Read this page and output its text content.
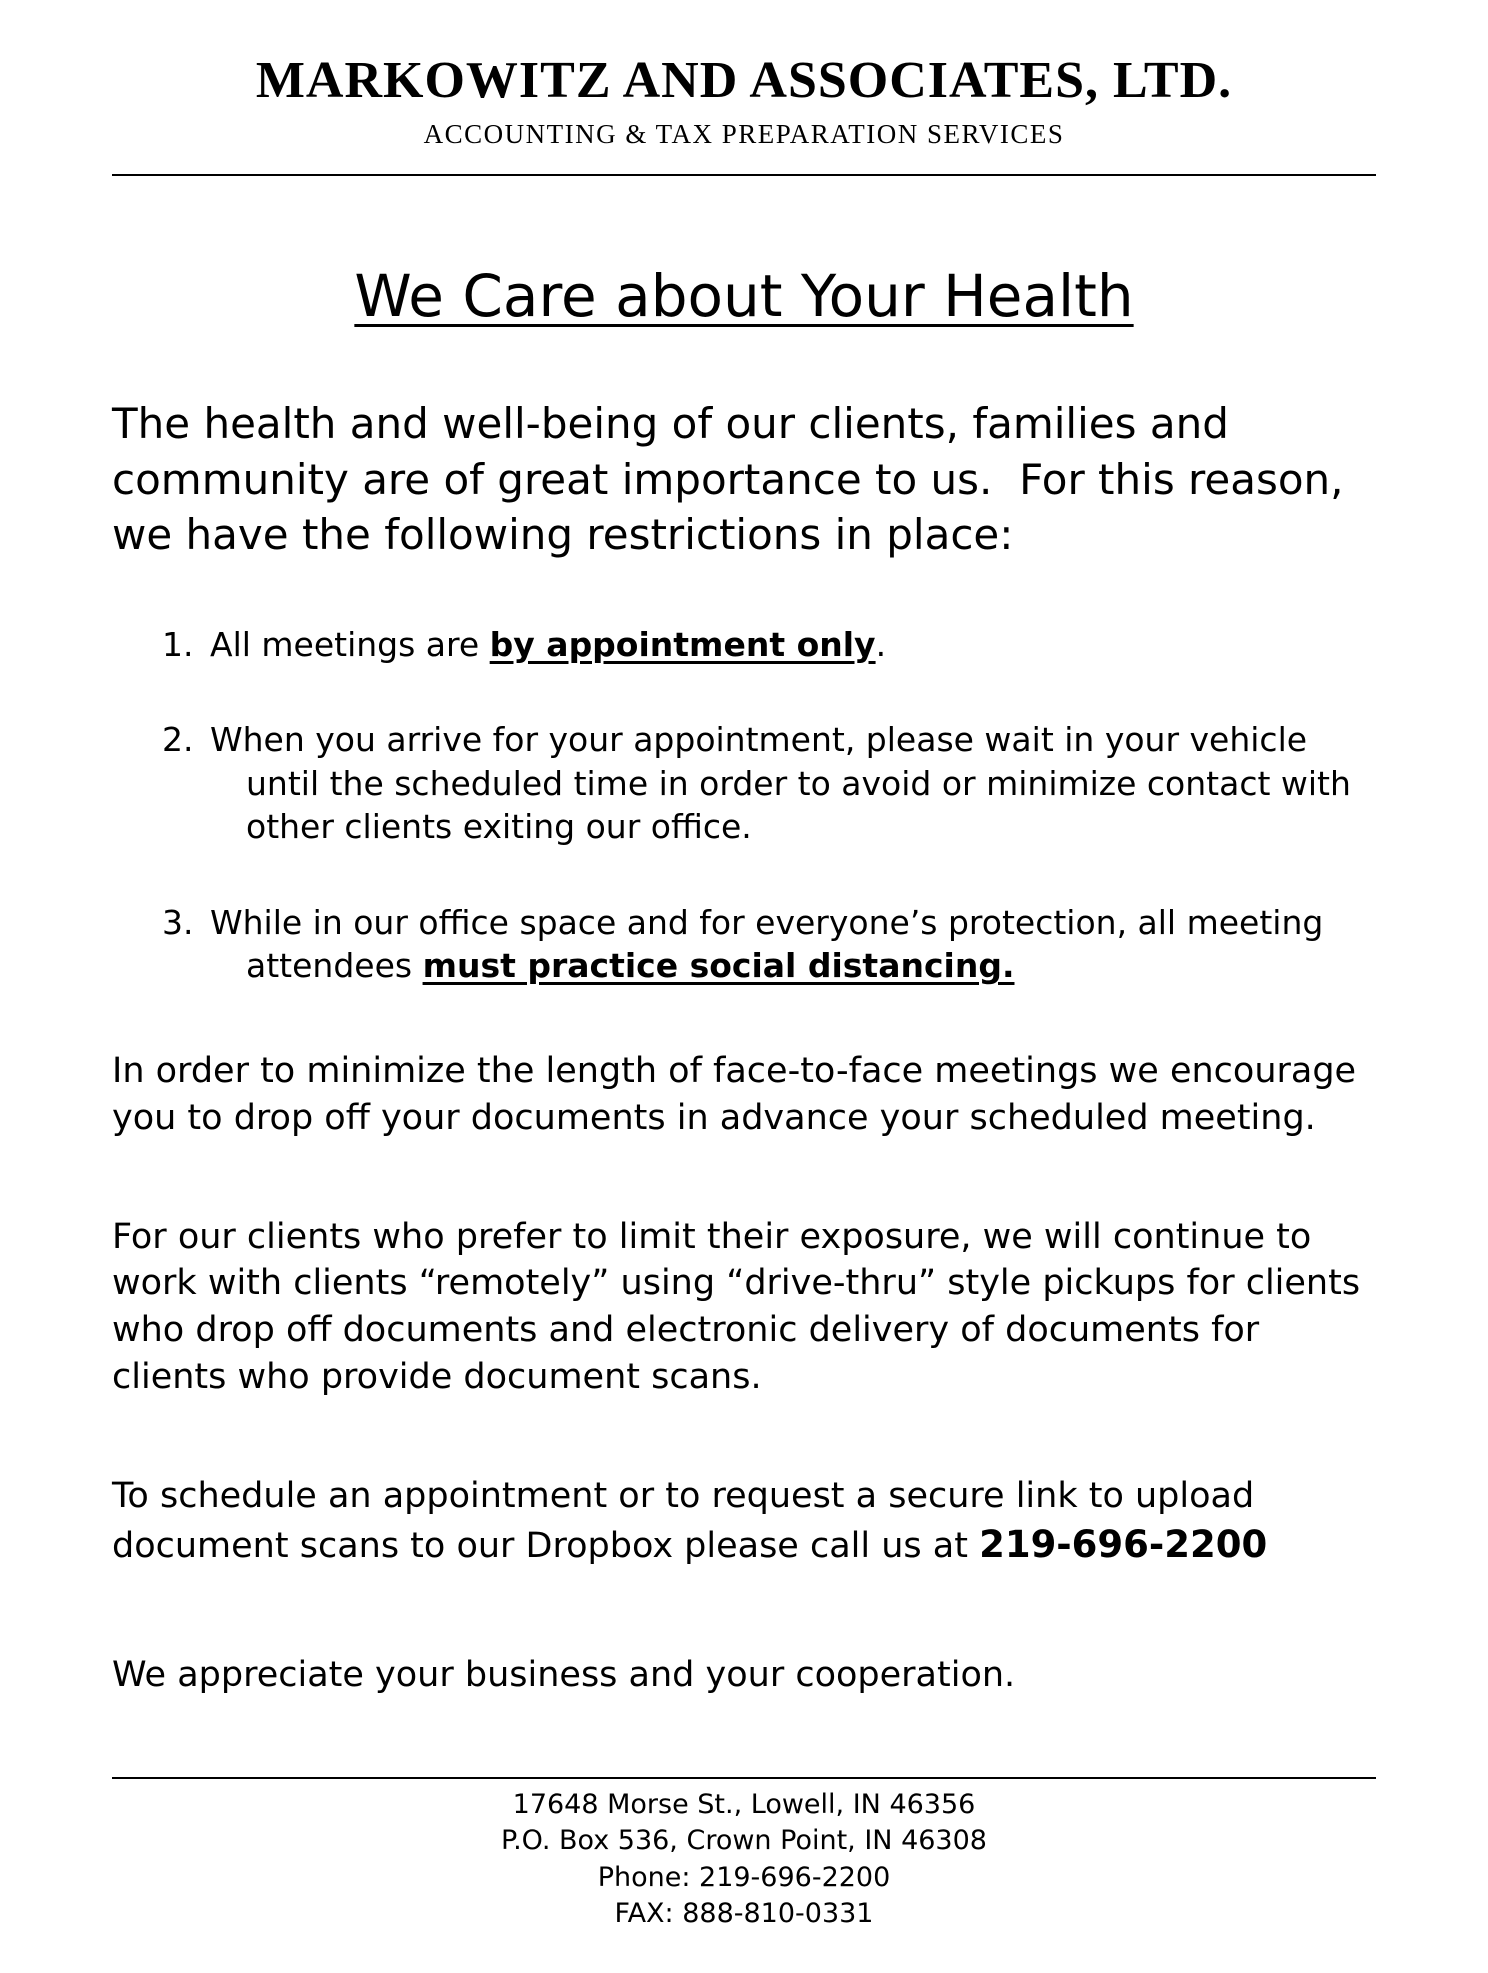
MARKOWITZ AND ASSOCIATES, LTD.
ACCOUNTING & TAX PREPARATION SERVICES
We Care about Your Health

The health and well-being of our clients, families and community are of great importance to us.  For this reason, we have the following restrictions in place:

1. All meetings are by appointment only.
2. When you arrive for your appointment, please wait in your vehicle until the scheduled time in order to avoid or minimize contact with other clients exiting our office.
3. While in our office space and for everyone’s protection, all meeting attendees must practice social distancing.

In order to minimize the length of face-to-face meetings we encourage you to drop off your documents in advance your scheduled meeting.

For our clients who prefer to limit their exposure, we will continue to work with clients “remotely” using “drive-thru” style pickups for clients who drop off documents and electronic delivery of documents for clients who provide document scans.

To schedule an appointment or to request a secure link to upload document scans to our Dropbox please call us at 219-696-2200

We appreciate your business and your cooperation.

17648 Morse St., Lowell, IN 46356
P.O. Box 536, Crown Point, IN 46308
Phone: 219-696-2200
FAX: 888-810-0331
